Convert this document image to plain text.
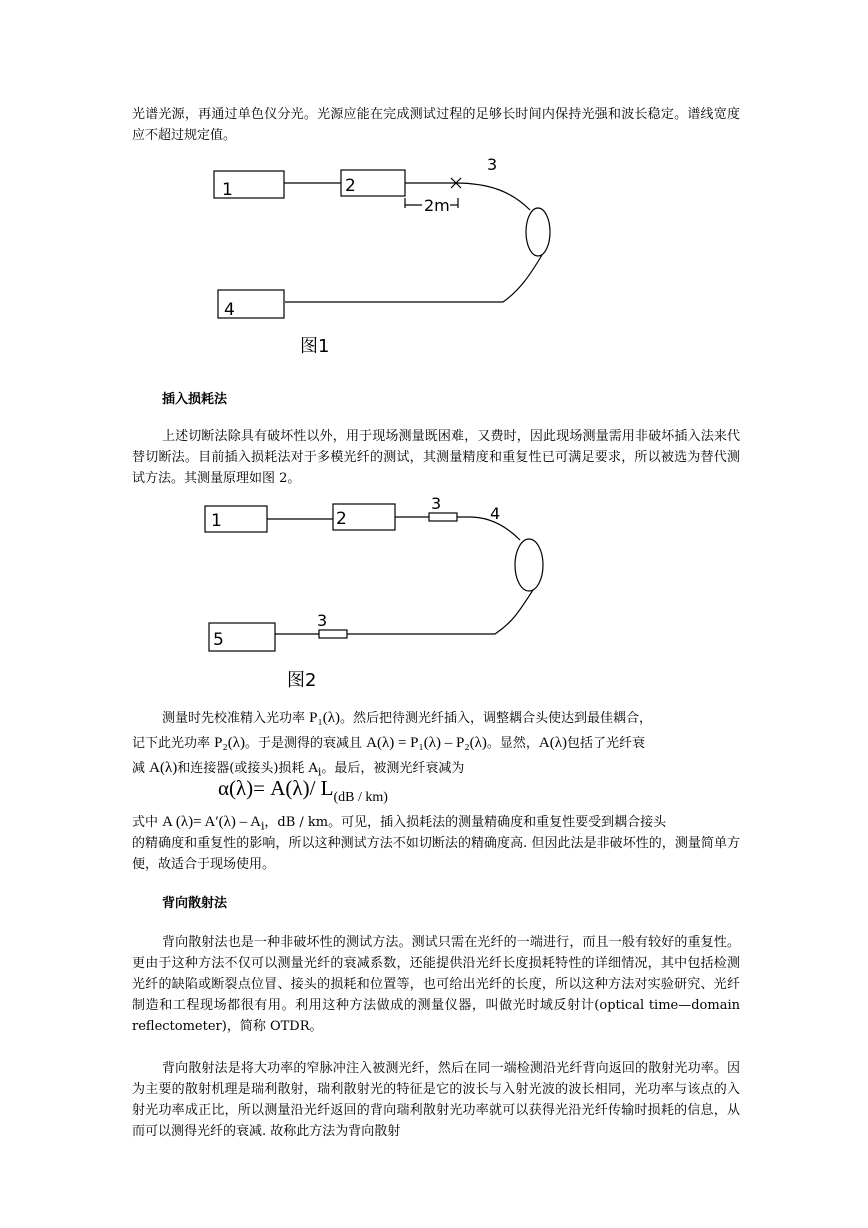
光谱光源，再通过单色仪分光。光源应能在完成测试过程的足够长时间内保持光强和波长稳定。谱线宽度应不超过规定值。
1	2
3
2m
4
图1
插入损耗法
上述切断法除具有破坏性以外，用于现场测量既困难，又费时，因此现场测量需用非破坏插入法来代替切断法。目前插入损耗法对于多模光纤的测试，其测量精度和重复性已可满足要求，所以被选为替代测试方法。其测量原理如图 2。
1	2
3
4
3
5
图2
测量时先校准精入光功率 P₁(λ)。然后把待测光纤插入，调整耦合头使达到最佳耦合，
记下此光功率 P₂(λ)。于是测得的衰减且 A(λ) = P₁(λ) – P₂(λ)。显然，A(λ)包括了光纤衰
减 A(λ)和连接器(或接头)损耗 $A_i$。最后，被测光纤衰减为
α(λ)= A(λ)/ L(dB / km)
式中 A $(\lambda)= A'(\lambda) - A_i$，dB / km。可见，插入损耗法的测量精确度和重复性要受到耦合接头
的精确度和重复性的影响，所以这种测试方法不如切断法的精确度高. 但因此法是非破坏性的，测量简单方便，故适合于现场使用。
背向散射法
背向散射法也是一种非破坏性的测试方法。测试只需在光纤的一端进行，而且一般有较好的重复性。更由于这种方法不仅可以测量光纤的衰减系数，还能提供沿光纤长度损耗特性的详细情况，其中包括检测光纤的缺陷或断裂点位冒、接头的损耗和位置等，也可给出光纤的长度，所以这种方法对实验研究、光纤制造和工程现场都很有用。利用这种方法做成的测量仪器，叫做光时域反射计(optical time—domain reflectometer)，简称 OTDR。
背向散射法是将大功率的窄脉冲注入被测光纤，然后在同一端检测沿光纤背向返回的散射光功率。因为主要的散射机理是瑞利散射，瑞利散射光的特征是它的波长与入射光波的波长相同，光功率与该点的入射光功率成正比，所以测量沿光纤返回的背向瑞利散射光功率就可以获得光沿光纤传输时损耗的信息，从而可以测得光纤的衰减. 故称此方法为背向散射
